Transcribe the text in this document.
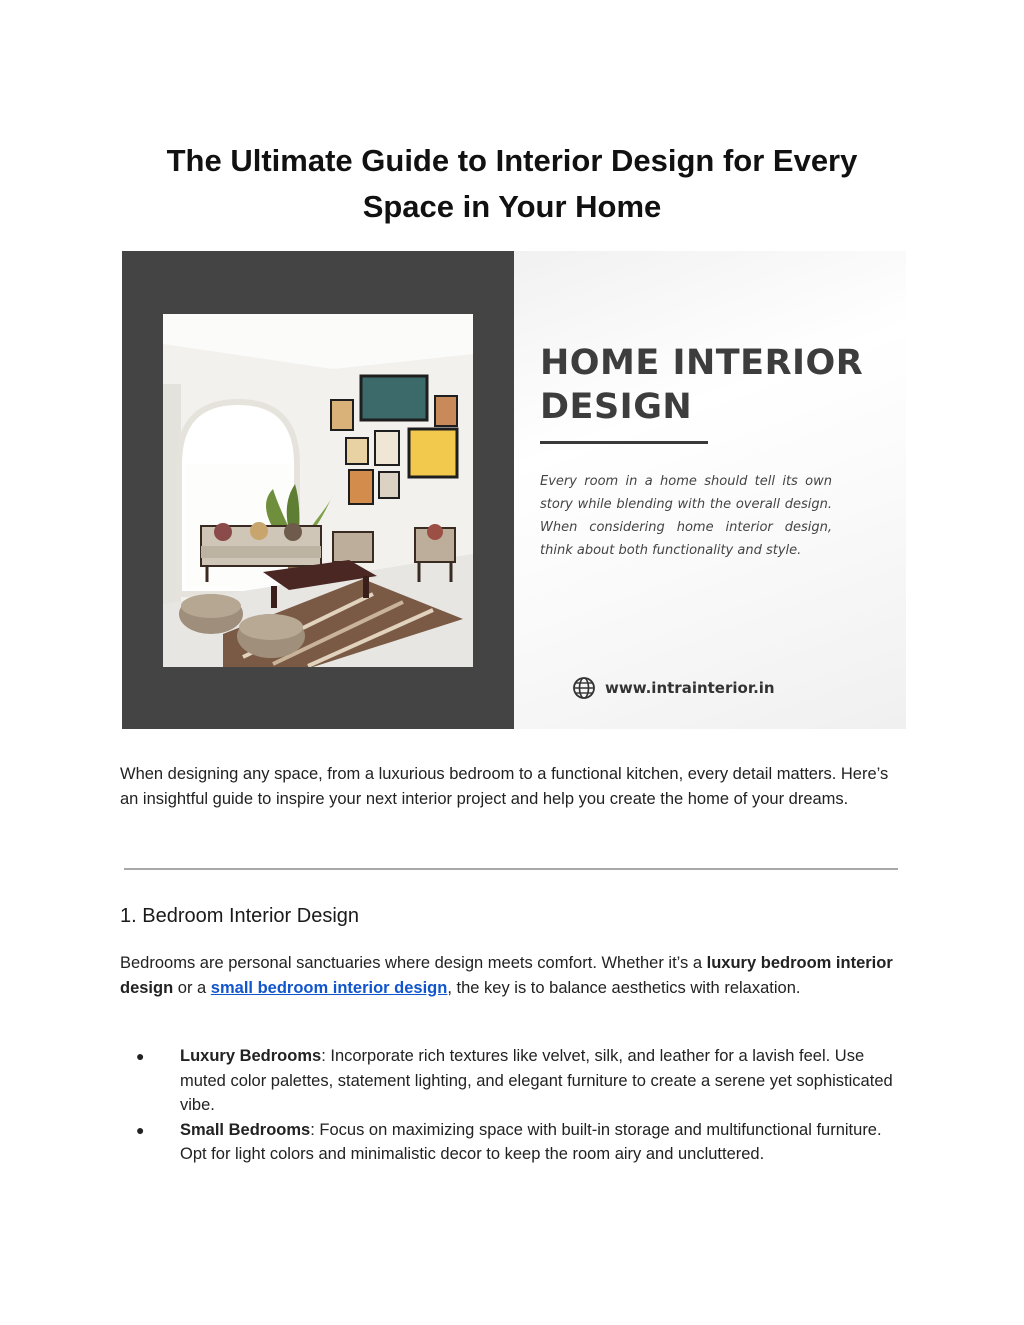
The Ultimate Guide to Interior Design for Every Space in Your Home
HOME INTERIOR
DESIGN

Every room in a home should tell its own story while blending with the overall design. When considering home interior design, think about both functionality and style.

www.intrainterior.in

When designing any space, from a luxurious bedroom to a functional kitchen, every detail matters. Here’s an insightful guide to inspire your next interior project and help you create the home of your dreams.

1. Bedroom Interior Design

Bedrooms are personal sanctuaries where design meets comfort. Whether it’s a luxury bedroom interior design or a small bedroom interior design, the key is to balance aesthetics with relaxation.

● Luxury Bedrooms: Incorporate rich textures like velvet, silk, and leather for a lavish feel. Use muted color palettes, statement lighting, and elegant furniture to create a serene yet sophisticated vibe.
● Small Bedrooms: Focus on maximizing space with built-in storage and multifunctional furniture. Opt for light colors and minimalistic decor to keep the room airy and uncluttered.
